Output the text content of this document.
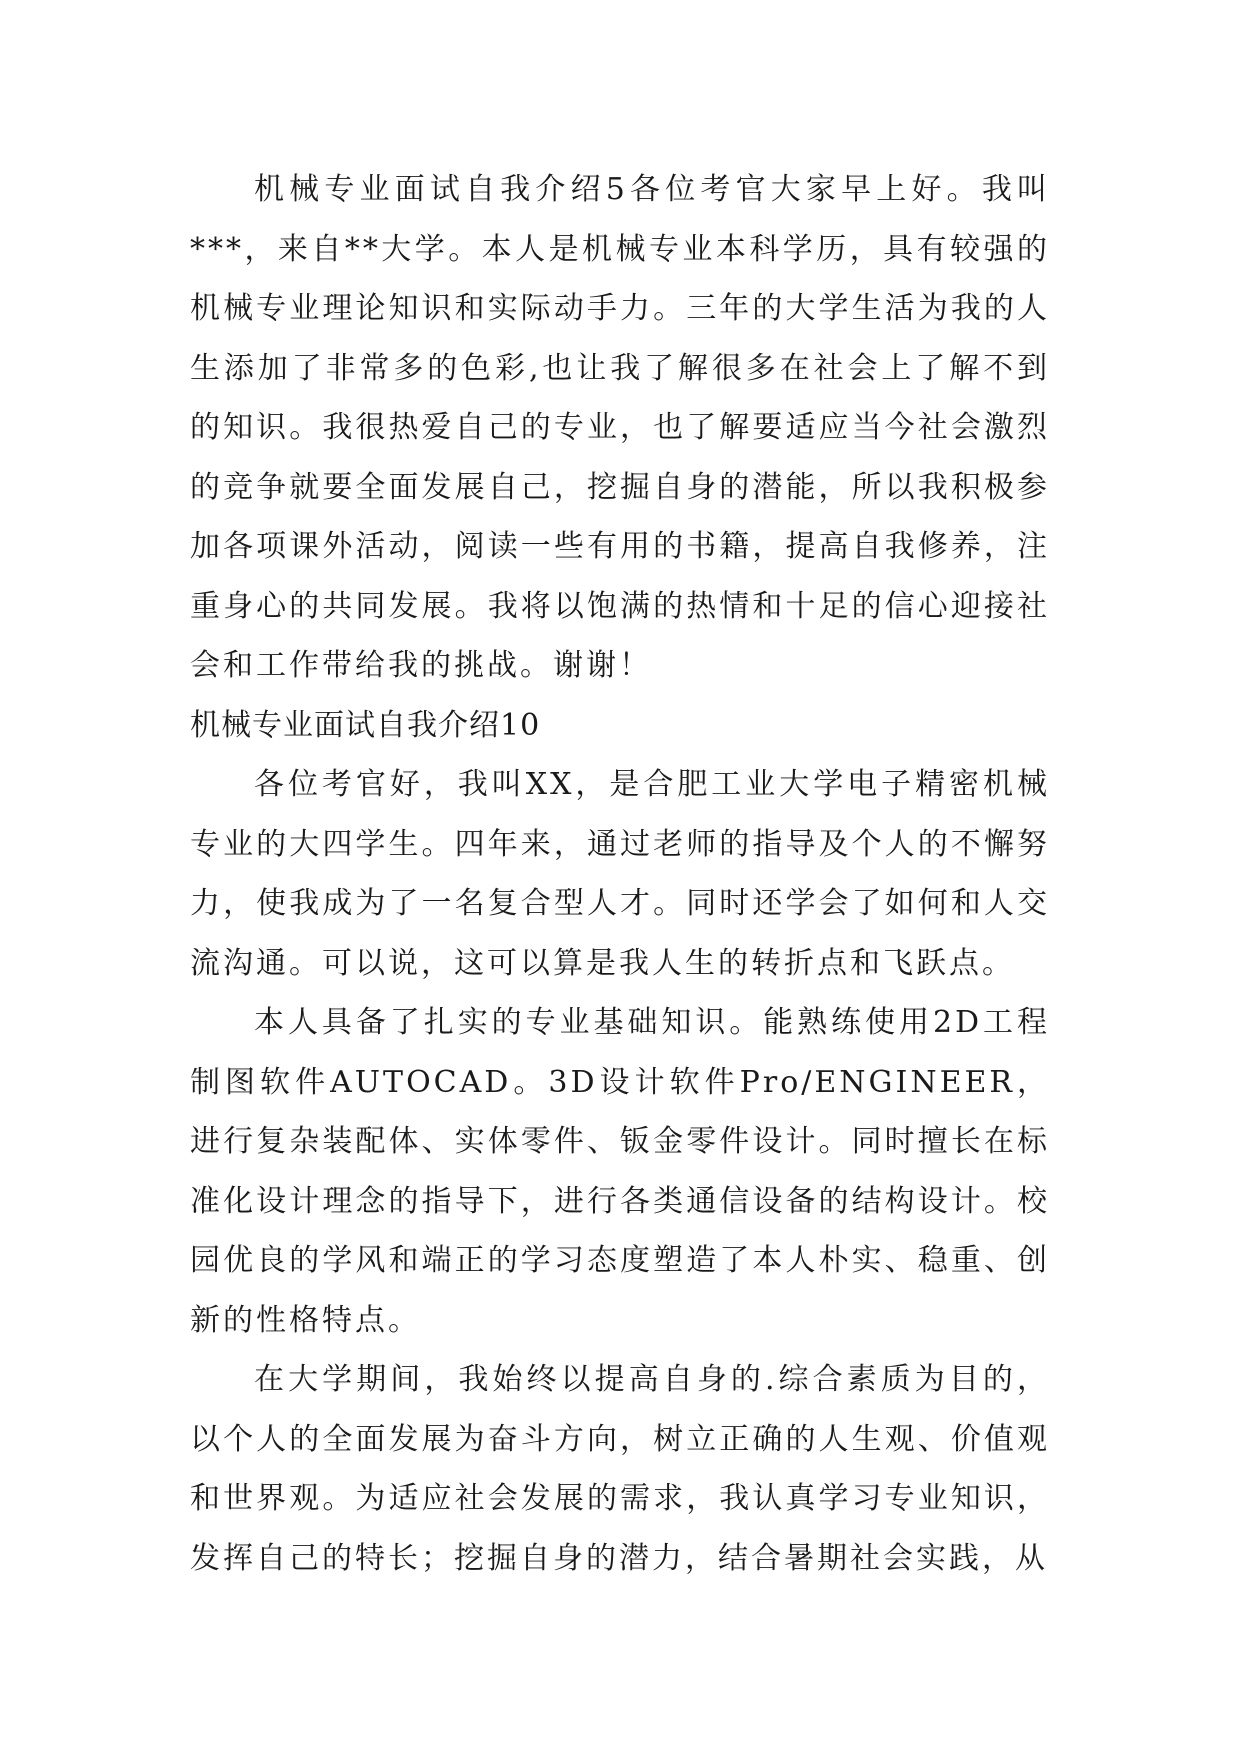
机械专业面试自我介绍5各位考官大家早上好。我叫***，来自**大学。本人是机械专业本科学历，具有较强的机械专业理论知识和实际动手力。三年的大学生活为我的人生添加了非常多的色彩,也让我了解很多在社会上了解不到的知识。我很热爱自己的专业，也了解要适应当今社会激烈的竞争就要全面发展自己，挖掘自身的潜能，所以我积极参加各项课外活动，阅读一些有用的书籍，提高自我修养，注重身心的共同发展。我将以饱满的热情和十足的信心迎接社会和工作带给我的挑战。谢谢！

机械专业面试自我介绍10

各位考官好，我叫XX，是合肥工业大学电子精密机械专业的大四学生。四年来，通过老师的指导及个人的不懈努力，使我成为了一名复合型人才。同时还学会了如何和人交流沟通。可以说，这可以算是我人生的转折点和飞跃点。

本人具备了扎实的专业基础知识。能熟练使用2D工程制图软件AUTOCAD。3D设计软件Pro/ENGINEER，进行复杂装配体、实体零件、钣金零件设计。同时擅长在标准化设计理念的指导下，进行各类通信设备的结构设计。校园优良的学风和端正的学习态度塑造了本人朴实、稳重、创新的性格特点。

在大学期间，我始终以提高自身的.综合素质为目的，以个人的全面发展为奋斗方向，树立正确的人生观、价值观和世界观。为适应社会发展的需求，我认真学习专业知识，发挥自己的特长；挖掘自身的潜力，结合暑期社会实践，从
